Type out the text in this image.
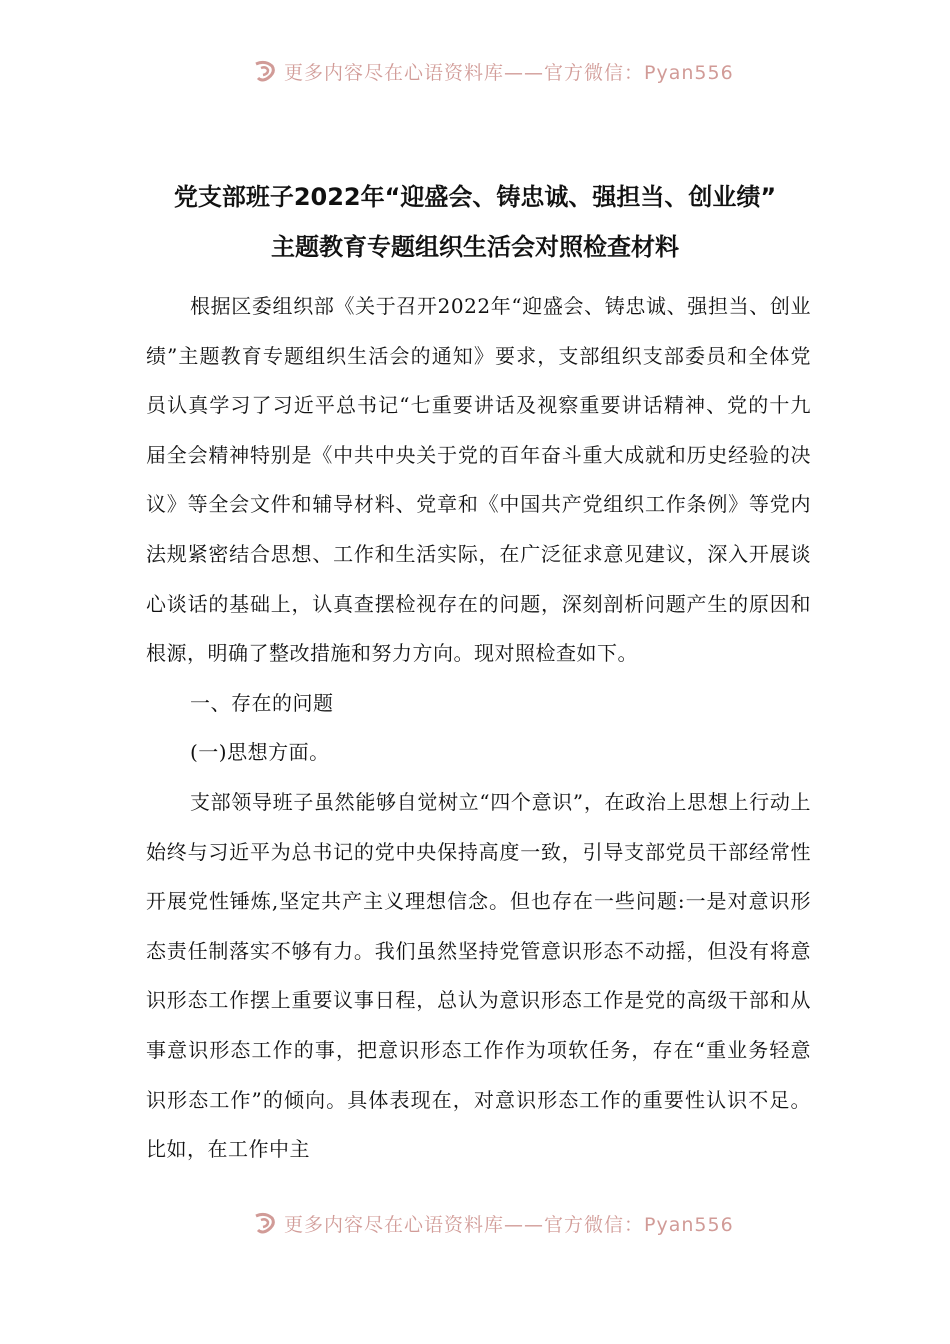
更多内容尽在心语资料库——官方微信：Pyan556
党支部班子2022年“迎盛会、铸忠诚、强担当、创业绩”
主题教育专题组织生活会对照检查材料

根据区委组织部《关于召开2022年“迎盛会、铸忠诚、强担当、创业绩”主题教育专题组织生活会的通知》要求，支部组织支部委员和全体党员认真学习了习近平总书记“七重要讲话及视察重要讲话精神、党的十九届全会精神特别是《中共中央关于党的百年奋斗重大成就和历史经验的决议》等全会文件和辅导材料、党章和《中国共产党组织工作条例》等党内法规紧密结合思想、工作和生活实际，在广泛征求意见建议，深入开展谈心谈话的基础上，认真查摆检视存在的问题，深刻剖析问题产生的原因和根源，明确了整改措施和努力方向。现对照检查如下。

一、存在的问题

(一)思想方面。

支部领导班子虽然能够自觉树立“四个意识”，在政治上思想上行动上始终与习近平为总书记的党中央保持高度一致，引导支部党员干部经常性开展党性锤炼,坚定共产主义理想信念。但也存在一些问题:一是对意识形态责任制落实不够有力。我们虽然坚持党管意识形态不动摇，但没有将意识形态工作摆上重要议事日程，总认为意识形态工作是党的高级干部和从事意识形态工作的事，把意识形态工作作为项软任务，存在“重业务轻意识形态工作”的倾向。具体表现在，对意识形态工作的重要性认识不足。比如，在工作中主

更多内容尽在心语资料库——官方微信：Pyan556
